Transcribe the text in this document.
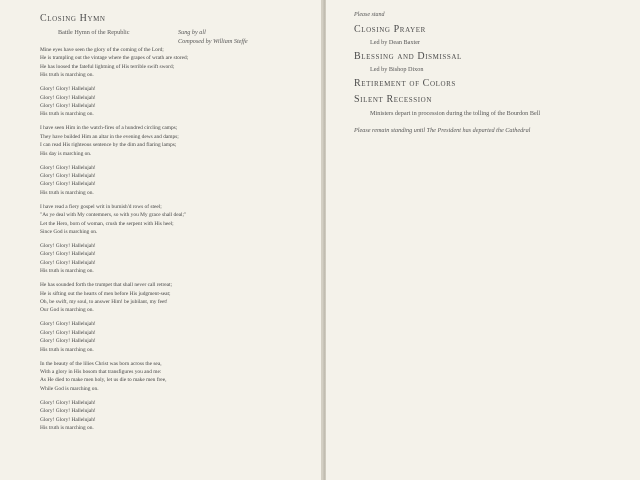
Closing Hymn
Battle Hymn of the Republic	Sung by all
Composed by William Steffe
Mine eyes have seen the glory of the coming of the Lord;
He is trampling out the vintage where the grapes of wrath are stored;
He has loosed the fateful lightning of His terrible swift sword;
His truth is marching on.
Glory! Glory! Hallelujah!
Glory! Glory! Hallelujah!
Glory! Glory! Hallelujah!
His truth is marching on.
I have seen Him in the watch-fires of a hundred circling camps;
They have builded Him an altar in the evening dews and damps;
I can read His righteous sentence by the dim and flaring lamps;
His day is marching on.
Glory! Glory! Hallelujah!
Glory! Glory! Hallelujah!
Glory! Glory! Hallelujah!
His truth is marching on.
I have read a fiery gospel writ in burnish'd rows of steel;
"As ye deal with My contemners, so with you My grace shall deal;"
Let the Hero, born of woman, crush the serpent with His heel;
Since God is marching on.
Glory! Glory! Hallelujah!
Glory! Glory! Hallelujah!
Glory! Glory! Hallelujah!
His truth is marching on.
He has sounded forth the trumpet that shall never call retreat;
He is sifting out the hearts of men before His judgment-seat;
Oh, be swift, my soul, to answer Him! be jubilant, my feet!
Our God is marching on.
Glory! Glory! Hallelujah!
Glory! Glory! Hallelujah!
Glory! Glory! Hallelujah!
His truth is marching on.
In the beauty of the lilies Christ was born across the sea,
With a glory in His bosom that transfigures you and me:
As He died to make men holy, let us die to make men free,
While God is marching on.
Glory! Glory! Hallelujah!
Glory! Glory! Hallelujah!
Glory! Glory! Hallelujah!
His truth is marching on.
Please stand
Closing Prayer
Led by Dean Baxter
Blessing and Dismissal
Led by Bishop Dixon
Retirement of Colors
Silent Recession
Ministers depart in procession during the tolling of the Bourdon Bell
Please remain standing until The President has departed the Cathedral
